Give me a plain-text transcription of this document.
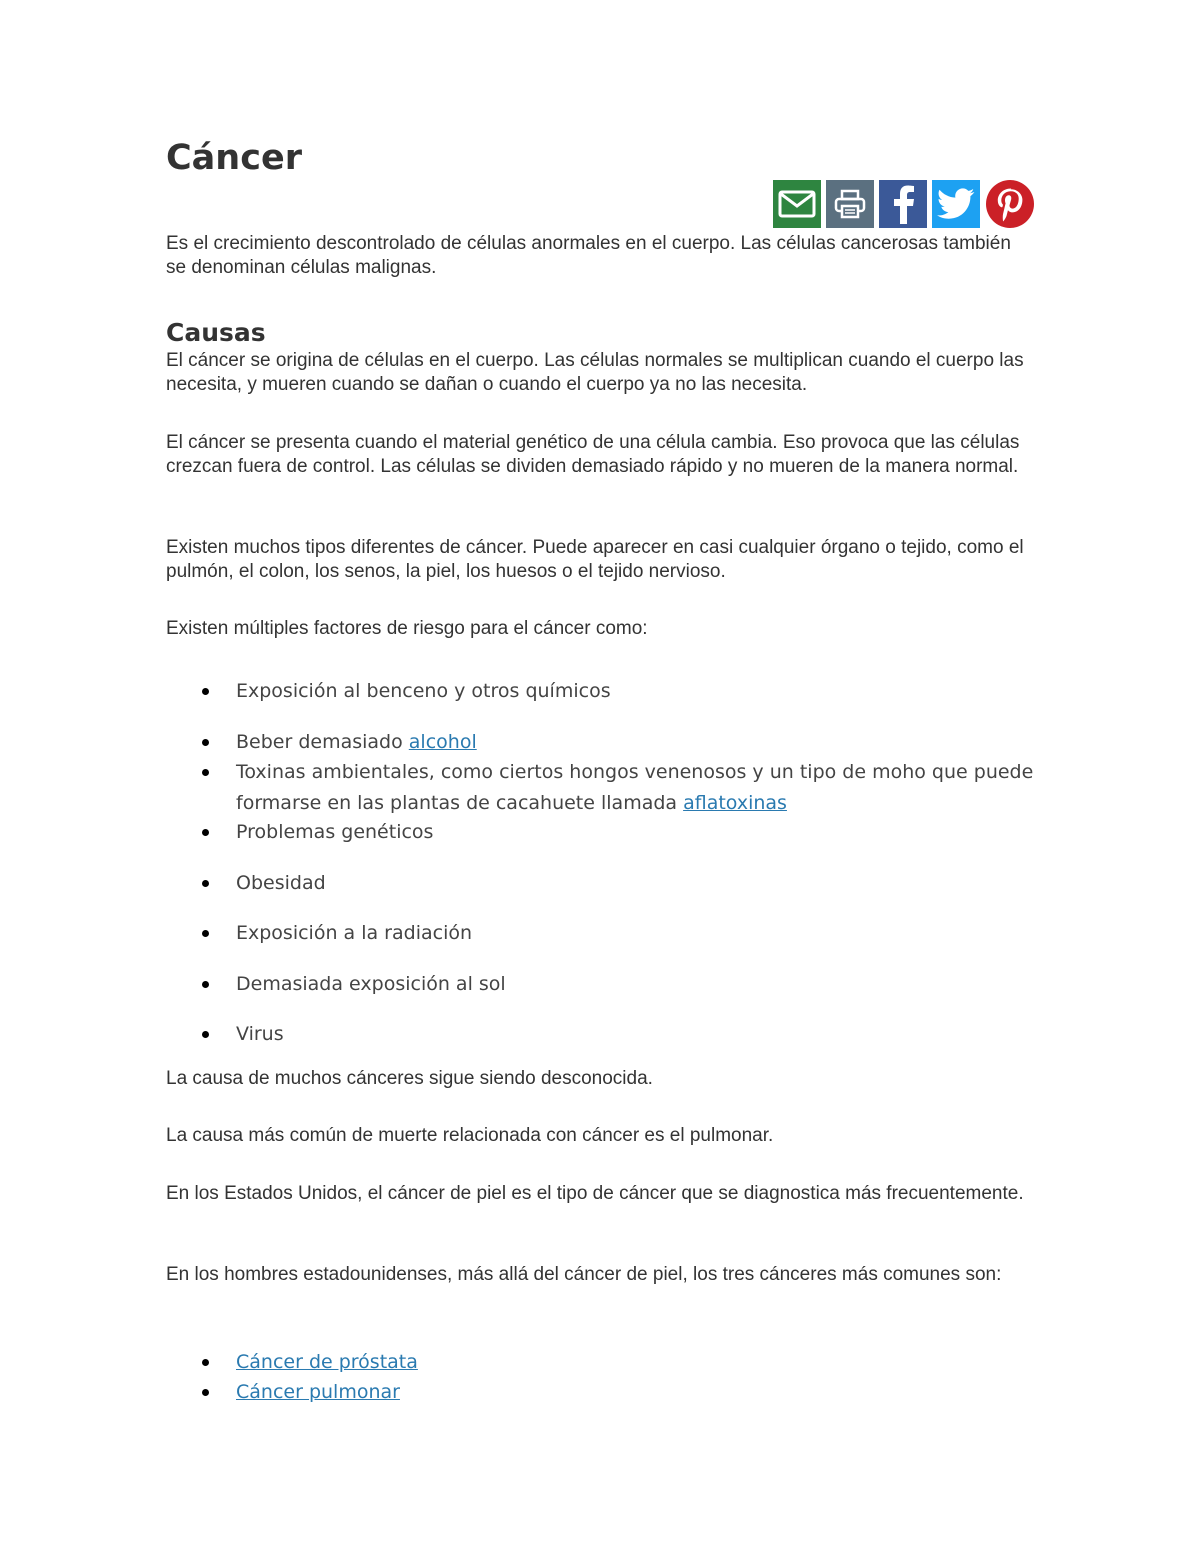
Cáncer

Es el crecimiento descontrolado de células anormales en el cuerpo. Las células cancerosas también se denominan células malignas.

Causas

El cáncer se origina de células en el cuerpo. Las células normales se multiplican cuando el cuerpo las necesita, y mueren cuando se dañan o cuando el cuerpo ya no las necesita.

El cáncer se presenta cuando el material genético de una célula cambia. Eso provoca que las células crezcan fuera de control. Las células se dividen demasiado rápido y no mueren de la manera normal.

Existen muchos tipos diferentes de cáncer. Puede aparecer en casi cualquier órgano o tejido, como el pulmón, el colon, los senos, la piel, los huesos o el tejido nervioso.

Existen múltiples factores de riesgo para el cáncer como:

Exposición al benceno y otros químicos
Beber demasiado alcohol
Toxinas ambientales, como ciertos hongos venenosos y un tipo de moho que puede formarse en las plantas de cacahuete llamada aflatoxinas
Problemas genéticos
Obesidad
Exposición a la radiación
Demasiada exposición al sol
Virus

La causa de muchos cánceres sigue siendo desconocida.

La causa más común de muerte relacionada con cáncer es el pulmonar.

En los Estados Unidos, el cáncer de piel es el tipo de cáncer que se diagnostica más frecuentemente.

En los hombres estadounidenses, más allá del cáncer de piel, los tres cánceres más comunes son:

Cáncer de próstata
Cáncer pulmonar
